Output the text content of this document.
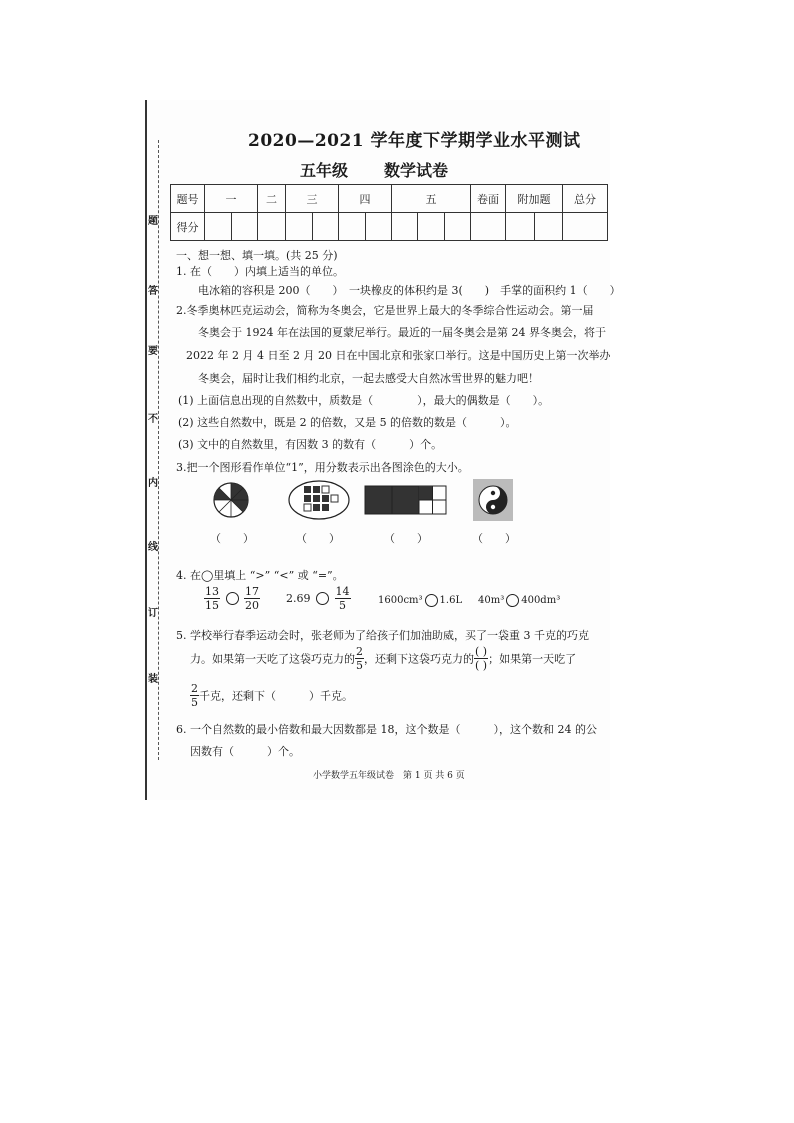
题
答
要
不
内
线
订
装
2020—2021 学年度下学期学业水平测试
五年级 数学试卷
题号	一		二	三		四		五			卷面	附加题		总分
得分														
一、想一想、填一填。(共 25 分)
1. 在（　　）内填上适当的单位。
电冰箱的容积是 200（　　）　一块橡皮的体积约是 3(　　)　手掌的面积约 1（　　）
2.冬季奥林匹克运动会，简称为冬奥会，它是世界上最大的冬季综合性运动会。第一届
冬奥会于 1924 年在法国的夏蒙尼举行。最近的一届冬奥会是第 24 界冬奥会，将于
2022 年 2 月 4 日至 2 月 20 日在中国北京和张家口举行。这是中国历史上第一次举办
冬奥会，届时让我们相约北京，一起去感受大自然冰雪世界的魅力吧！
(1) 上面信息出现的自然数中，质数是（　　　　），最大的偶数是（　　）。
(2) 这些自然数中，既是 2 的倍数，又是 5 的倍数的数是（　　　）。
(3) 文中的自然数里，有因数 3 的数有（　　　）个。
3.把一个图形看作单位“1”，用分数表示出各图涂色的大小。
（　　）	（　　）	（　　）	（　　）
4. 在◯里填上 “>” “<” 或 “=”。
$\frac{13}{15}$
$\frac{17}{20} 2.69 \frac{14}{5}$	1600cm³ 1.6L 40m³ 400dm³
5. 学校举行春季运动会时，张老师为了给孩子们加油助威，买了一袋重 3 千克的巧克
力。如果第一天吃了这袋巧克力的 $\frac{2}{5}$ ，还剩下这袋巧克力的 $\frac{( )}{( )}$ ；如果第一天吃了
$\frac{2}{5}$ 千克，还剩下（　　　）千克。
6. 一个自然数的最小倍数和最大因数都是 18，这个数是（　　　），这个数和 24 的公
因数有（　　　）个。
小学数学五年级试卷　第 1 页 共 6 页
